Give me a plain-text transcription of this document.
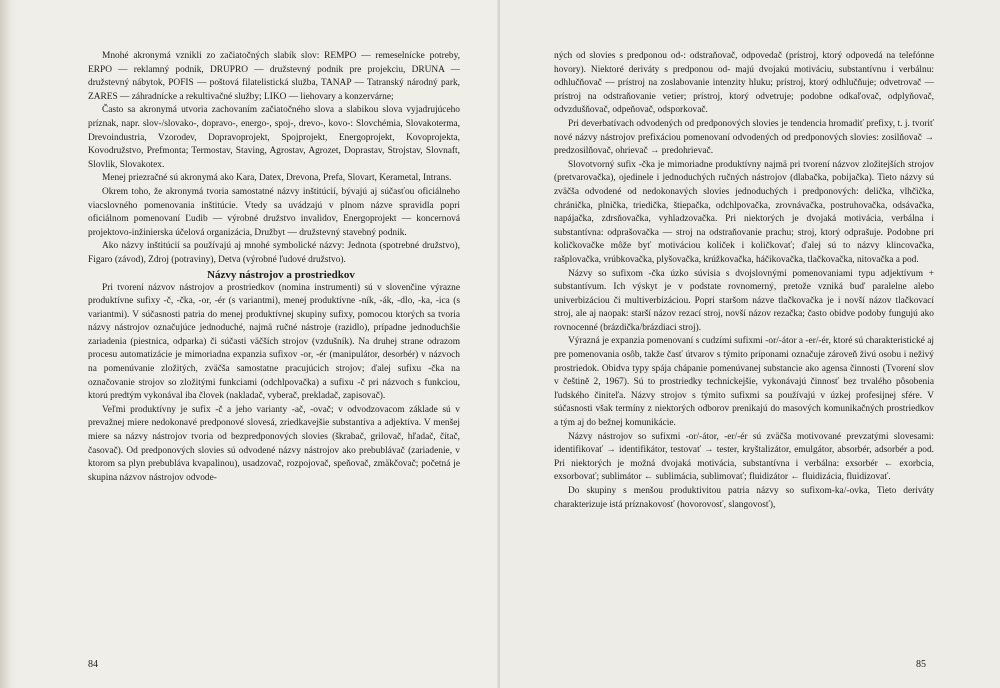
Mnohé akronymá vznikli zo začiatočných slabík slov: REMPO — remeselnícke potreby, ERPO — reklamný podnik, DRUPRO — družstevný podnik pre projekciu, DRUNA — družstevný nábytok, POFIS — poštová filatelistická služba, TANAP — Tatranský národný park, ZARES — záhradnícke a rekultivačné služby; LIKO — liehovary a konzervárne;

Často sa akronymá utvoria zachovaním začiatočného slova a slabikou slova vyjadrujúceho príznak, napr. slov-/slovako-, dopravo-, energo-, spoj-, drevo-, kovo-: Slovchémia, Slovakoterma, Drevoindustria, Vzorodev, Dopravoprojekt, Spojprojekt, Energoprojekt, Kovoprojekta, Kovodružstvo, Prefmonta; Termostav, Staving, Agrostav, Agrozet, Doprastav, Strojstav, Slovnaft, Slovlik, Slovakotex.

Menej priezračné sú akronymá ako Kara, Datex, Drevona, Prefa, Slovart, Kerametal, Intrans.

Okrem toho, že akronymá tvoria samostatné názvy inštitúcií, bývajú aj súčasťou oficiálneho viacslovného pomenovania inštitúcie. Vtedy sa uvádzajú v plnom názve spravidla popri oficiálnom pomenovaní Ľudib — výrobné družstvo invalidov, Energoprojekt — koncernová projektovo-inžinierska účelová organizácia, Družbyt — družstevný stavebný podnik.

Ako názvy inštitúcií sa používajú aj mnohé symbolické názvy: Jednota (spotrebné družstvo), Figaro (závod), Zdroj (potraviny), Detva (výrobné ľudové družstvo).

Názvy nástrojov a prostriedkov

Pri tvorení názvov nástrojov a prostriedkov (nomina instrumenti) sú v slovenčine výrazne produktívne sufixy -č, -čka, -or, -ér (s variantmi), menej produktívne -ník, -ák, -dlo, -ka, -ica (s variantmi). V súčasnosti patria do menej produktívnej skupiny sufixy, pomocou ktorých sa tvoria názvy nástrojov označujúce jednoduché, najmä ručné nástroje (razidlo), prípadne jednoduchšie zariadenia (piestnica, odparka) či súčasti väčších strojov (vzdušník). Na druhej strane odrazom procesu automatizácie je mimoriadna expanzia sufixov -or, -ér (manipulátor, desorbér) v názvoch na pomenúvanie zložitých, zväčša samostatne pracujúcich strojov; ďalej sufixu -čka na označovanie strojov so zložitými funkciami (odchlpovačka) a sufixu -č pri názvoch s funkciou, ktorú predtým vykonával iba človek (nakladač, vyberač, prekladač, zapisovač).

Veľmi produktívny je sufix -č a jeho varianty -ač, -ovač; v odvodzovacom základe sú v prevažnej miere nedokonavé predponové slovesá, zriedkavejšie substantíva a adjektíva. V menšej miere sa názvy nástrojov tvoria od bezpredponových slovies (škrabač, grilovač, hľadač, čítač, časovač). Od predponových slovies sú odvodené názvy nástrojov ako prebublávač (zariadenie, v ktorom sa plyn prebubláva kvapalinou), usadzovač, rozpojovač, speňovač, zmäkčovač; početná je skupina názvov nástrojov odvode-

84

ných od slovies s predponou od-: odstraňovač, odpovedač (prístroj, ktorý odpovedá na telefónne hovory). Niektoré deriváty s predponou od- majú dvojakú motiváciu, substantívnu i verbálnu: odhlučňovač — prístroj na zoslabovanie intenzity hluku; prístroj, ktorý odhlučňuje; odvetrovač — prístroj na odstraňovanie vetier; prístroj, ktorý odvetruje; podobne odkaľovač, odplyňovač, odvzdušňovač, odpeňovač, odsporkovač.

Pri deverbatívach odvodených od predponových slovies je tendencia hromadiť prefixy, t. j. tvoriť nové názvy nástrojov prefixáciou pomenovaní odvodených od predponových slovies: zosilňovač → predzosilňovač, ohrievač → predohrievač.

Slovotvorný sufix -čka je mimoriadne produktívny najmä pri tvorení názvov zložitejších strojov (pretvarovačka), ojedinele i jednoduchých ručných nástrojov (dlabačka, pobijačka). Tieto názvy sú zväčša odvodené od nedokonavých slovies jednoduchých i predponových: delička, vlhčička, chránička, plnička, triedička, štiepačka, odchlpovačka, zrovnávačka, postruhovačka, odsávačka, napájačka, zdrsňovačka, vyhladzovačka. Pri niektorých je dvojaká motivácia, verbálna i substantívna: odprašovačka — stroj na odstraňovanie prachu; stroj, ktorý odprašuje. Podobne pri količkovačke môže byť motiváciou količek i količkovať; ďalej sú to názvy klincovačka, rašplovačka, vrúbkovačka, plyšovačka, krúžkovačka, háčikovačka, tlačkovačka, nitovačka a pod.

Názvy so sufixom -čka úzko súvisia s dvojslovnými pomenovaniami typu adjektívum + substantívum. Ich výskyt je v podstate rovnomerný, pretože vzniká buď paralelne alebo univerbizáciou či multiverbizáciou. Popri staršom názve tlačkovačka je i novší názov tlačkovací stroj, ale aj naopak: starší názov rezací stroj, novší názov rezačka; často obidve podoby fungujú ako rovnocenné (brázdička/brázdiaci stroj).

Výrazná je expanzia pomenovaní s cudzími sufixmi -or/-átor a -er/-ér, ktoré sú charakteristické aj pre pomenovania osôb, takže časť útvarov s týmito príponami označuje zároveň živú osobu i neživý prostriedok. Obidva typy spája chápanie pomenúvanej substancie ako agensa činnosti (Tvorení slov v češtině 2, 1967). Sú to prostriedky technickejšie, vykonávajú činnosť bez trvalého pôsobenia ľudského činiteľa. Názvy strojov s týmito sufixmi sa používajú v úzkej profesijnej sfére. V súčasnosti však termíny z niektorých odborov prenikajú do masových komunikačných prostriedkov a tým aj do bežnej komunikácie.

Názvy nástrojov so sufixmi -or/-átor, -er/-ér sú zväčša motivované prevzatými slovesami: identifikovať → identifikátor, testovať → tester, kryštalizátor, emulgátor, absorbér, adsorbér a pod. Pri niektorých je možná dvojaká motivácia, substantívna i verbálna: exsorbér ← exorbcia, exsorbovať; sublimátor ← sublimácia, sublimovať; fluidizátor ← fluidizácia, fluidizovať.

Do skupiny s menšou produktivitou patria názvy so sufixom-ka/-ovka, Tieto deriváty charakterizuje istá príznakovosť (hovorovosť, slangovosť),

85
